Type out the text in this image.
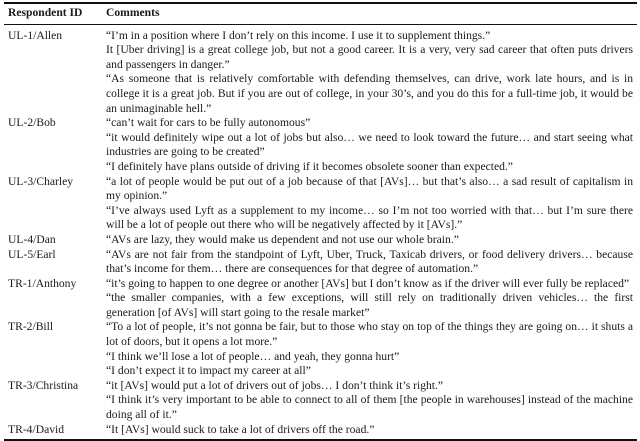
Respondent ID	Comments
UL-1/Allen	“I’m in a position where I don’t rely on this income. I use it to supplement things.”
It [Uber driving] is a great college job, but not a good career. It is a very, very sad career that often puts drivers and passengers in danger.”
“As someone that is relatively comfortable with defending themselves, can drive, work late hours, and is in college it is a great job. But if you are out of college, in your 30’s, and you do this for a full-time job, it would be an unimaginable hell.”

UL-2/Bob	“can’t wait for cars to be fully autonomous”
“it would definitely wipe out a lot of jobs but also… we need to look toward the future… and start seeing what industries are going to be created”
“I definitely have plans outside of driving if it becomes obsolete sooner than expected.”

UL-3/Charley	“a lot of people would be put out of a job because of that [AVs]… but that’s also… a sad result of capitalism in my opinion.”
“I’ve always used Lyft as a supplement to my income… so I’m not too worried with that… but I’m sure there will be a lot of people out there who will be negatively affected by it [AVs].”

UL-4/Dan	“AVs are lazy, they would make us dependent and not use our whole brain.”

UL-5/Earl	“AVs are not fair from the standpoint of Lyft, Uber, Truck, Taxicab drivers, or food delivery drivers… because that’s income for them… there are consequences for that degree of automation.”

TR-1/Anthony	“it’s going to happen to one degree or another [AVs] but I don’t know as if the driver will ever fully be replaced”
“the smaller companies, with a few exceptions, will still rely on traditionally driven vehicles… the first generation [of AVs] will start going to the resale market”

TR-2/Bill	“To a lot of people, it’s not gonna be fair, but to those who stay on top of the things they are going on… it shuts a lot of doors, but it opens a lot more.”
“I think we’ll lose a lot of people… and yeah, they gonna hurt”
“I don’t expect it to impact my career at all”

TR-3/Christina	“it [AVs] would put a lot of drivers out of jobs… I don’t think it’s right.”
“I think it’s very important to be able to connect to all of them [the people in warehouses] instead of the machine doing all of it.”

TR-4/David	“It [AVs] would suck to take a lot of drivers off the road.”
